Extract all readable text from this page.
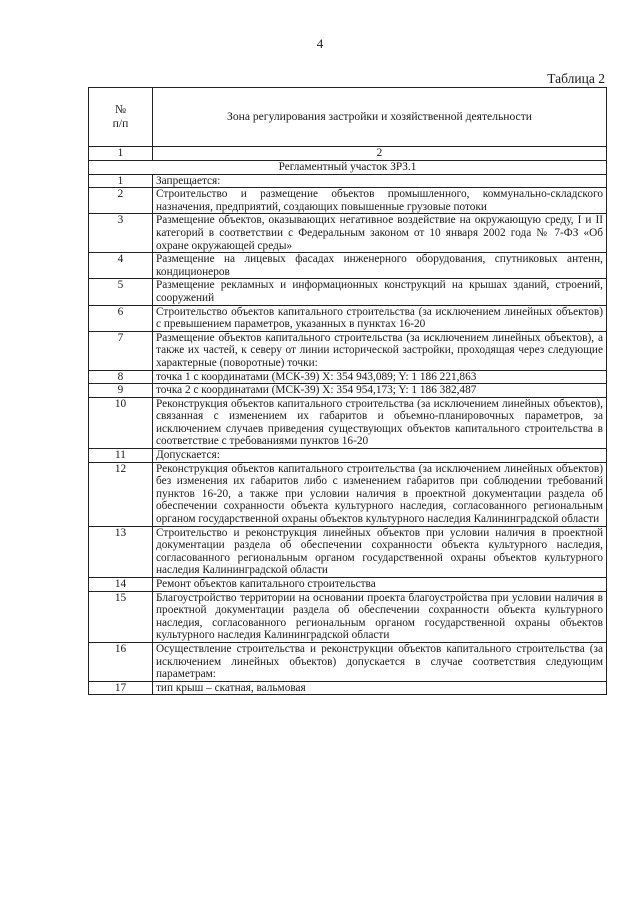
4
Таблица 2
№
п/п	Зона регулирования застройки и хозяйственной деятельности
1	2
Регламентный участок ЗРЗ.1	
1	Запрещается:
2	Строительство и размещение объектов промышленного, коммунально-складского назначения, предприятий, создающих повышенные грузовые потоки
3	Размещение объектов, оказывающих негативное воздействие на окружающую среду, I и II категорий в соответствии с Федеральным законом от 10 января 2002 года № 7-ФЗ «Об охране окружающей среды»
4	Размещение на лицевых фасадах инженерного оборудования, спутниковых антенн, кондиционеров
5	Размещение рекламных и информационных конструкций на крышах зданий, строений, сооружений
6	Строительство объектов капитального строительства (за исключением линейных объектов) с превышением параметров, указанных в пунктах 16-20
7	Размещение объектов капитального строительства (за исключением линейных объектов), а также их частей, к северу от линии исторической застройки, проходящая через следующие характерные (поворотные) точки:
8	точка 1 с координатами (МСК-39) X: 354 943,089; Y: 1 186 221,863
9	точка 2 с координатами (МСК-39) X: 354 954,173; Y: 1 186 382,487
10	Реконструкция объектов капитального строительства (за исключением линейных объектов), связанная с изменением их габаритов и объемно-планировочных параметров, за исключением случаев приведения существующих объектов капитального строительства в соответствие с требованиями пунктов 16-20
11	Допускается:
12	Реконструкция объектов капитального строительства (за исключением линейных объектов) без изменения их габаритов либо с изменением габаритов при соблюдении требований пунктов 16-20, а также при условии наличия в проектной документации раздела об обеспечении сохранности объекта культурного наследия, согласованного региональным органом государственной охраны объектов культурного наследия Калининградской области
13	Строительство и реконструкция линейных объектов при условии наличия в проектной документации раздела об обеспечении сохранности объекта культурного наследия, согласованного региональным органом государственной охраны объектов культурного наследия Калининградской области
14	Ремонт объектов капитального строительства
15	Благоустройство территории на основании проекта благоустройства при условии наличия в проектной документации раздела об обеспечении сохранности объекта культурного наследия, согласованного региональным органом государственной охраны объектов культурного наследия Калининградской области
16	Осуществление строительства и реконструкции объектов капитального строительства (за исключением линейных объектов) допускается в случае соответствия следующим параметрам:
17	тип крыш – скатная, вальмовая
